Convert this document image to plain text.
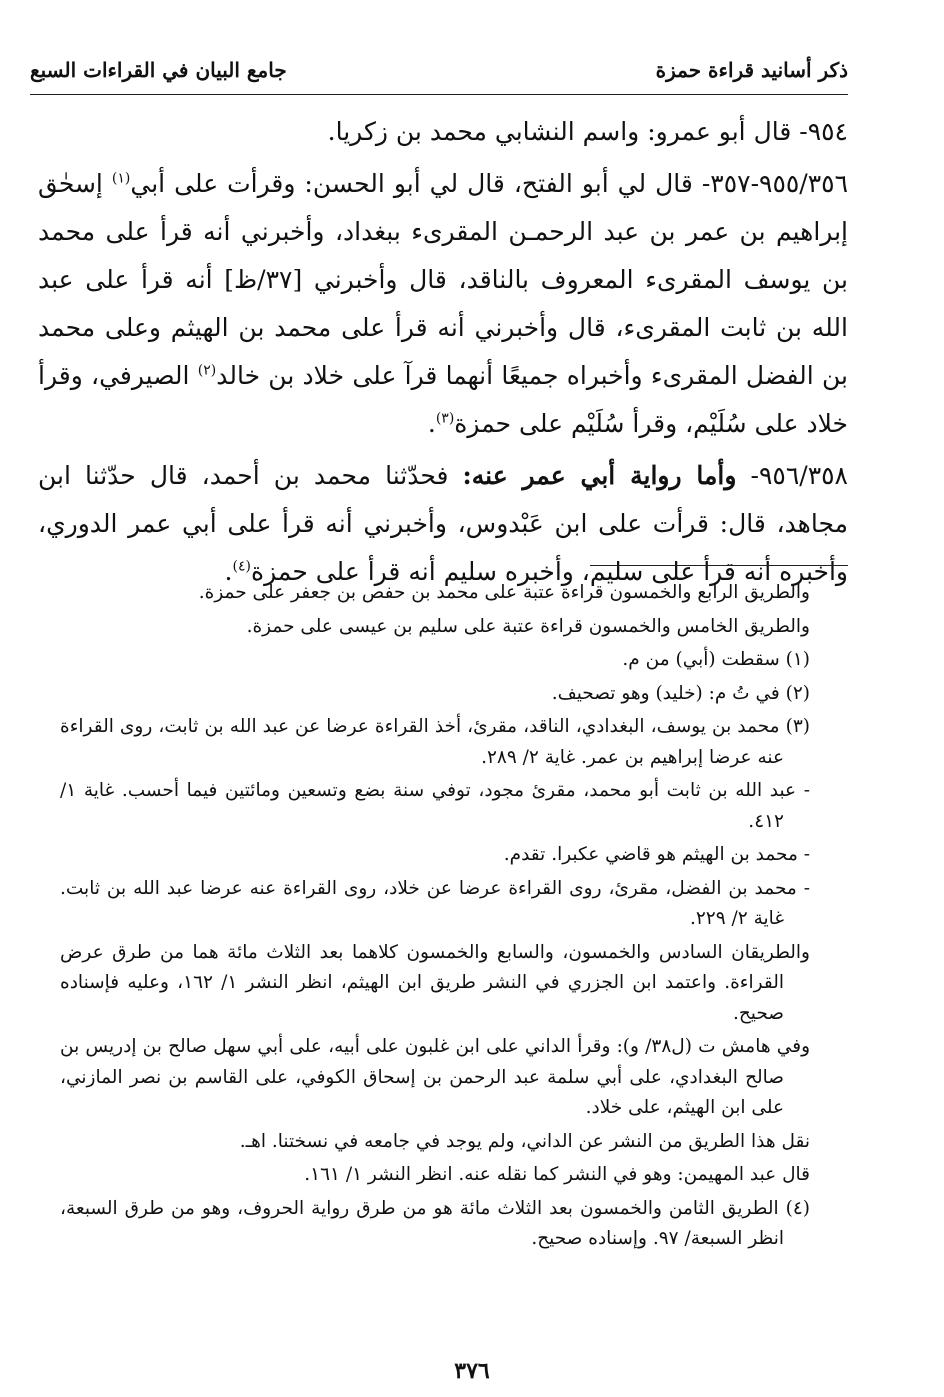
جامع البيان في القراءات السبع	ذكر أسانيد قراءة حمزة

٩٥٤- قال أبو عمرو: واسم النشابي محمد بن زكريا.

٩٥٥/٣٥٦-٣٥٧- قال لي أبو الفتح، قال لي أبو الحسن: وقرأت على أبي$^{(١)}$ إسحٰق إبراهيم بن عمر بن عبد الرحمـن المقرىء ببغداد، وأخبرني أنه قرأ على محمد بن يوسف المقرىء المعروف بالناقد، قال وأخبرني [٣٧/ظ] أنه قرأ على عبد الله بن ثابت المقرىء، قال وأخبرني أنه قرأ على محمد بن الهيثم وعلى محمد بن الفضل المقرىء وأخبراه جميعًا أنهما قرآ على خلاد بن خالد$^{(٢)}$ الصيرفي، وقرأ خلاد على سُلَيْم، وقرأ سُلَيْم على حمزة$^{(٣)}$.

٩٥٦/٣٥٨- وأما رواية أبي عمر عنه: فحدّثنا محمد بن أحمد، قال حدّثنا ابن مجاهد، قال: قرأت على ابن عَبْدوس، وأخبرني أنه قرأ على أبي عمر الدوري، وأخبره أنه قرأ على سليم، وأخبره سليم أنه قرأ على حمزة$^{(٤)}$.

والطريق الرابع والخمسون قراءة عتبة على محمد بن حفص بن جعفر على حمزة.

والطريق الخامس والخمسون قراءة عتبة على سليم بن عيسى على حمزة.

(١) سقطت (أبي) من م.

(٢) في تُ م: (خليد) وهو تصحيف.

(٣) محمد بن يوسف، البغدادي، الناقد، مقرئ، أخذ القراءة عرضا عن عبد الله بن ثابت، روى القراءة عنه عرضا إبراهيم بن عمر. غاية ٢/ ٢٨٩.

- عبد الله بن ثابت أبو محمد، مقرئ مجود، توفي سنة بضع وتسعين ومائتين فيما أحسب. غاية ١/ ٤١٢.

- محمد بن الهيثم هو قاضي عكبرا. تقدم.

- محمد بن الفضل، مقرئ، روى القراءة عرضا عن خلاد، روى القراءة عنه عرضا عبد الله بن ثابت. غاية ٢/ ٢٢٩.

والطريقان السادس والخمسون، والسابع والخمسون كلاهما بعد الثلاث مائة هما من طرق عرض القراءة. واعتمد ابن الجزري في النشر طريق ابن الهيثم، انظر النشر ١/ ١٦٢، وعليه فإسناده صحيح.

وفي هامش ت (ل٣٨/ و): وقرأ الداني على ابن غلبون على أبيه، على أبي سهل صالح بن إدريس بن صالح البغدادي، على أبي سلمة عبد الرحمن بن إسحاق الكوفي، على القاسم بن نصر المازني، على ابن الهيثم، على خلاد.

نقل هذا الطريق من النشر عن الداني، ولم يوجد في جامعه في نسختنا. اهـ.

قال عبد المهيمن: وهو في النشر كما نقله عنه. انظر النشر ١/ ١٦١.

(٤) الطريق الثامن والخمسون بعد الثلاث مائة هو من طرق رواية الحروف، وهو من طرق السبعة، انظر السبعة/ ٩٧. وإسناده صحيح.

٣٧٦
